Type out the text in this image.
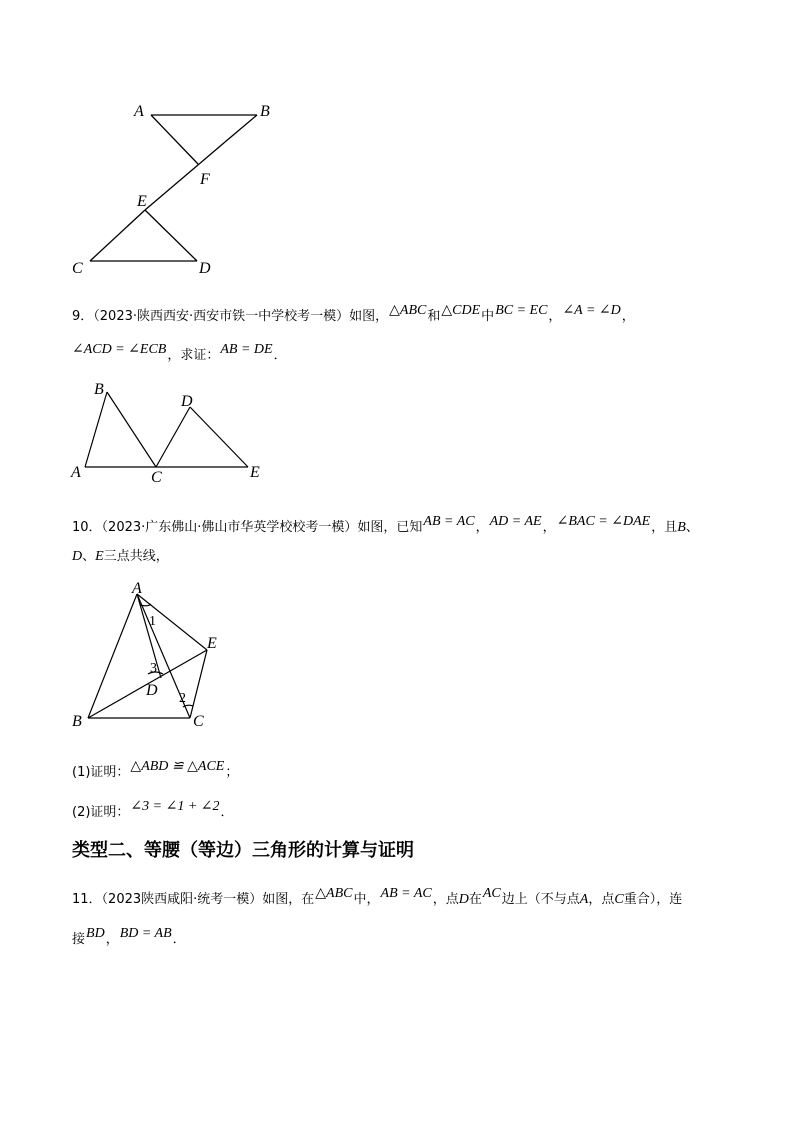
A	B
F
E
C	D
9．（2023·陕西西安·西安市铁一中学校考一模）如图，△ABC和△CDE中BC = EC，∠A = ∠D，
∠ACD = ∠ECB，求证：AB = DE．
B
D
A	C	E
10．（2023·广东佛山·佛山市华英学校校考一模）如图，已知AB = AC，AD = AE，∠BAC = ∠DAE，且B、
D、E三点共线，
A
1
E
3
D 2
B	C
(1)证明：△ABD ≌ △ACE；
(2)证明：∠3 = ∠1 + ∠2．
类型二、等腰（等边）三角形的计算与证明
11．（2023陕西咸阳·统考一模）如图，在△ABC中，AB = AC，点D在AC边上（不与点A，点C重合），连
接BD，BD = AB．
